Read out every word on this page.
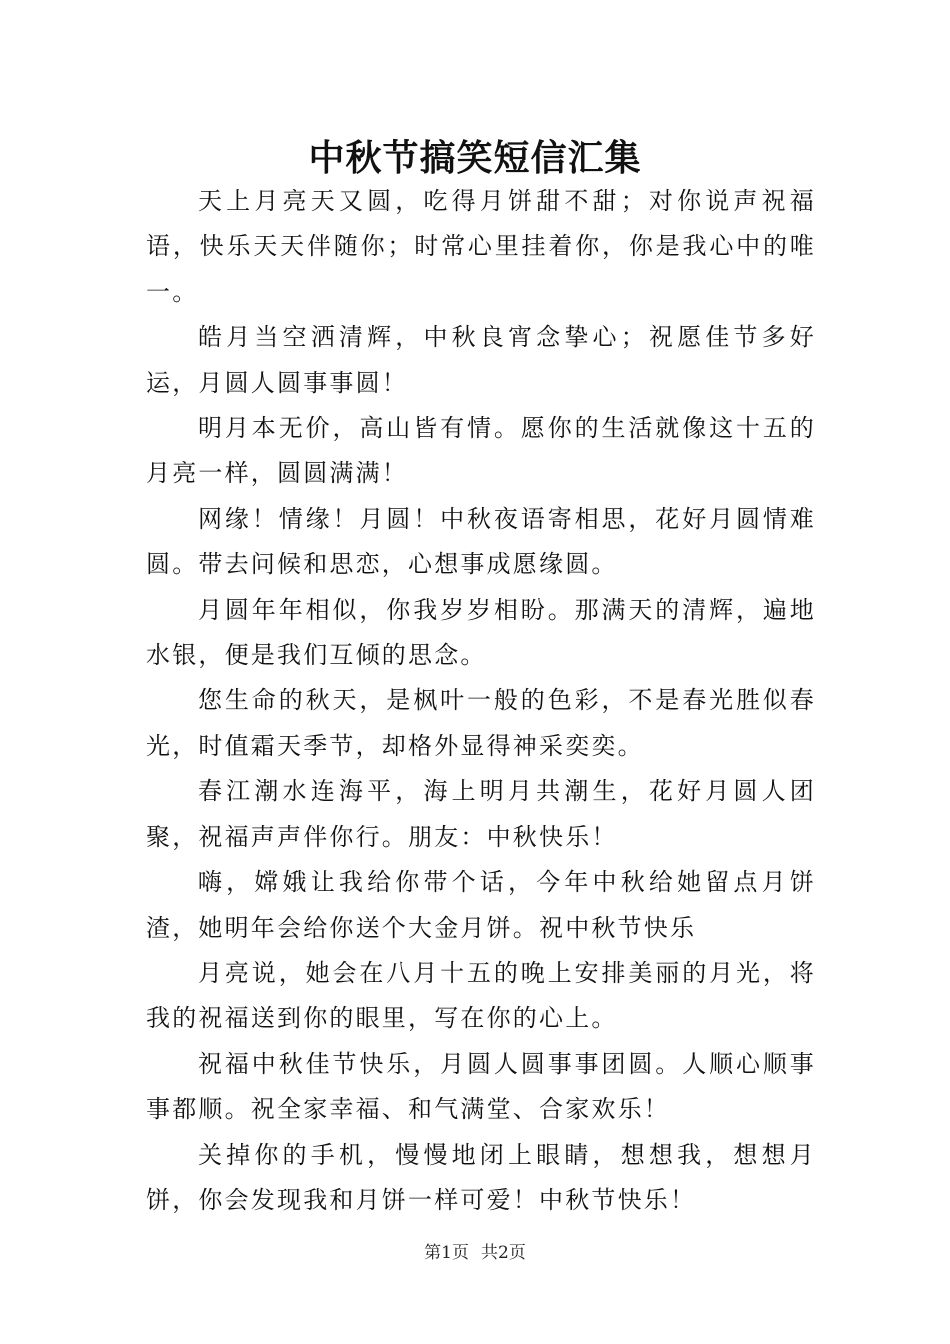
中秋节搞笑短信汇集

天上月亮天又圆，吃得月饼甜不甜；对你说声祝福语，快乐天天伴随你；时常心里挂着你，你是我心中的唯一。

皓月当空洒清辉，中秋良宵念挚心；祝愿佳节多好运，月圆人圆事事圆！

明月本无价，高山皆有情。愿你的生活就像这十五的月亮一样，圆圆满满！

网缘！情缘！月圆！中秋夜语寄相思，花好月圆情难圆。带去问候和思恋，心想事成愿缘圆。

月圆年年相似，你我岁岁相盼。那满天的清辉，遍地水银，便是我们互倾的思念。

您生命的秋天，是枫叶一般的色彩，不是春光胜似春光，时值霜天季节，却格外显得神采奕奕。

春江潮水连海平，海上明月共潮生，花好月圆人团聚，祝福声声伴你行。朋友：中秋快乐！

嗨，嫦娥让我给你带个话，今年中秋给她留点月饼渣，她明年会给你送个大金月饼。祝中秋节快乐

月亮说，她会在八月十五的晚上安排美丽的月光，将我的祝福送到你的眼里，写在你的心上。

祝福中秋佳节快乐，月圆人圆事事团圆。人顺心顺事事都顺。祝全家幸福、和气满堂、合家欢乐！

关掉你的手机，慢慢地闭上眼睛，想想我，想想月饼，你会发现我和月饼一样可爱！中秋节快乐！

第1页 共2页
